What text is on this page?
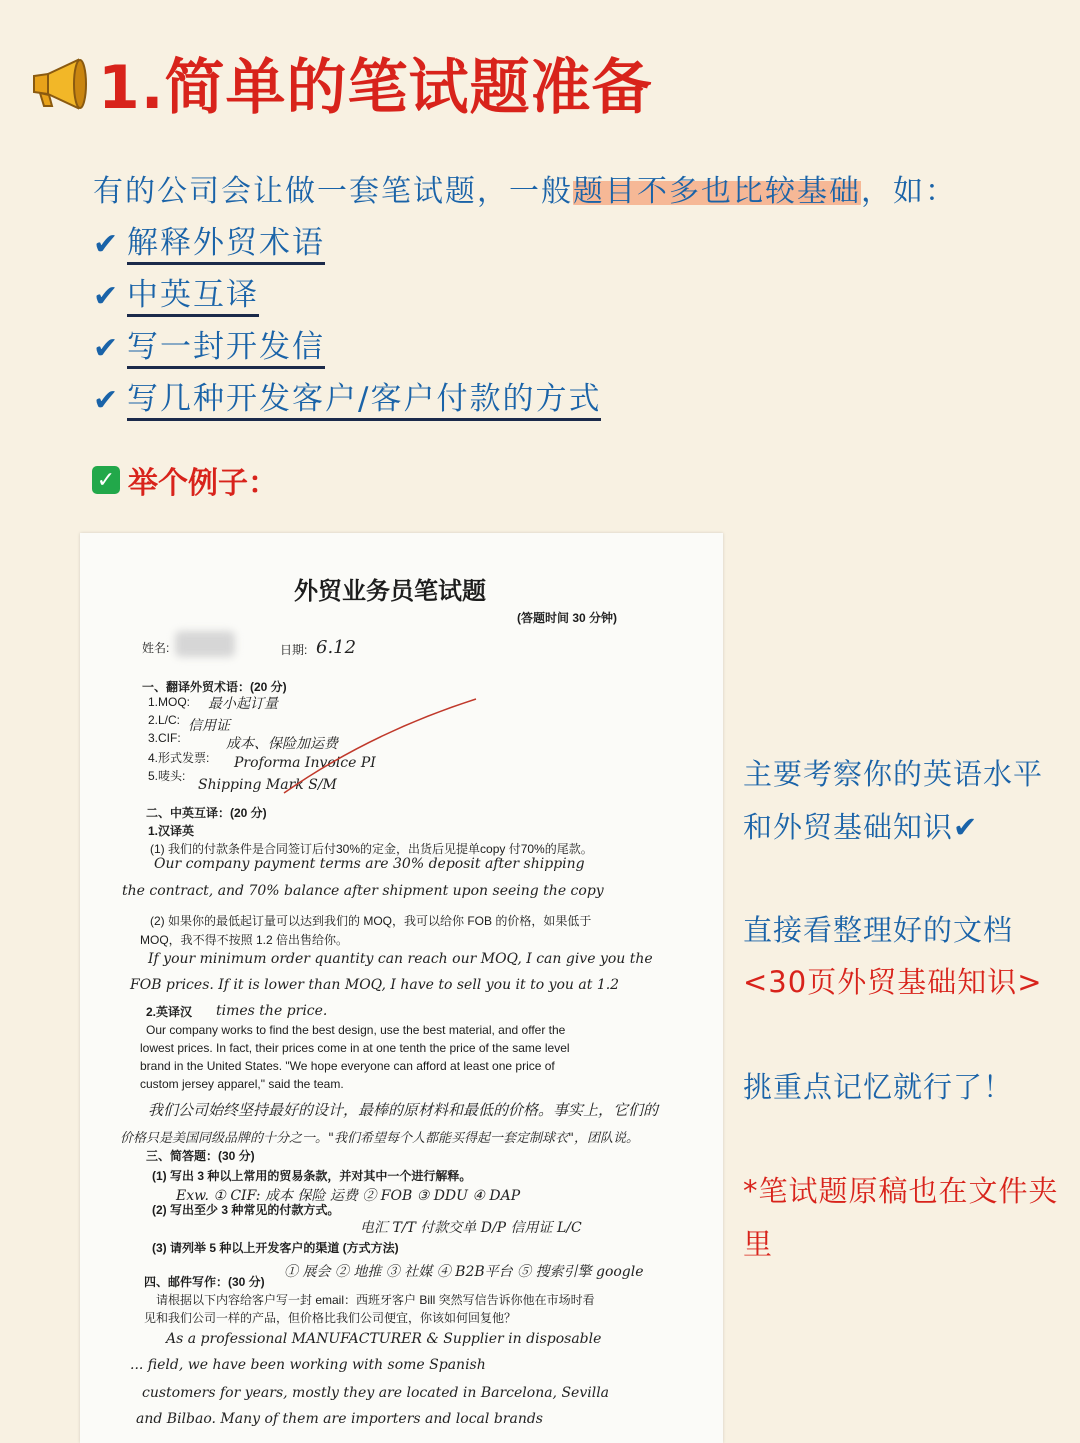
1.简单的笔试题准备
有的公司会让做一套笔试题，一般题目不多也比较基础，如：
✔ 解释外贸术语
✔ 中英互译
✔ 写一封开发信
✔ 写几种开发客户/客户付款的方式
✓ 举个例子：
外贸业务员笔试题
(答题时间 30 分钟)
姓名:	日期: 6.12
一、翻译外贸术语：(20 分)
1.MOQ: 最小起订量
2.L/C: 信用证
3.CIF:	成本、保险加运费
4.形式发票: Proforma Invoice PI
5.唛头:
Shipping Mark S/M
二、中英互译：(20 分)
1.汉译英
(1) 我们的付款条件是合同签订后付30%的定金，出货后见提单copy 付70%的尾款。
Our company payment terms are 30% deposit after shipping
the contract, and 70% balance after shipment upon seeing the copy
(2) 如果你的最低起订量可以达到我们的 MOQ，我可以给你 FOB 的价格，如果低于
MOQ，我不得不按照 1.2 倍出售给你。
If your minimum order quantity can reach our MOQ, I can give you the
FOB prices. If it is lower than MOQ, I have to sell you it to you at 1.2
2.英译汉 times the price.
Our company works to find the best design, use the best material, and offer the
lowest prices. In fact, their prices come in at one tenth the price of the same level
brand in the United States. "We hope everyone can afford at least one price of
custom jersey apparel," said the team.
我们公司始终坚持最好的设计，最棒的原材料和最低的价格。事实上，它们的
价格只是美国同级品牌的十分之一。"我们希望每个人都能买得起一套定制球衣"，团队说。
三、简答题：(30 分)
(1) 写出 3 种以上常用的贸易条款，并对其中一个进行解释。
Exw. ① CIF: 成本 保险 运费 ② FOB ③ DDU ④ DAP
(2) 写出至少 3 种常见的付款方式。
电汇 T/T 付款交单 D/P 信用证 L/C
(3) 请列举 5 种以上开发客户的渠道 (方式方法)
① 展会 ② 地推 ③ 社媒 ④ B2B平台 ⑤ 搜索引擎 google
四、邮件写作：(30 分)
请根据以下内容给客户写一封 email：西班牙客户 Bill 突然写信告诉你他在市场时看
见和我们公司一样的产品，但价格比我们公司便宜，你该如何回复他？
As a professional MANUFACTURER & Supplier in disposable
... field, we have been working with some Spanish
customers for years, mostly they are located in Barcelona, Sevilla
and Bilbao. Many of them are importers and local brands
主要考察你的英语水平和外贸基础知识✔
直接看整理好的文档
<30页外贸基础知识>
挑重点记忆就行了！
*笔试题原稿也在文件夹里
